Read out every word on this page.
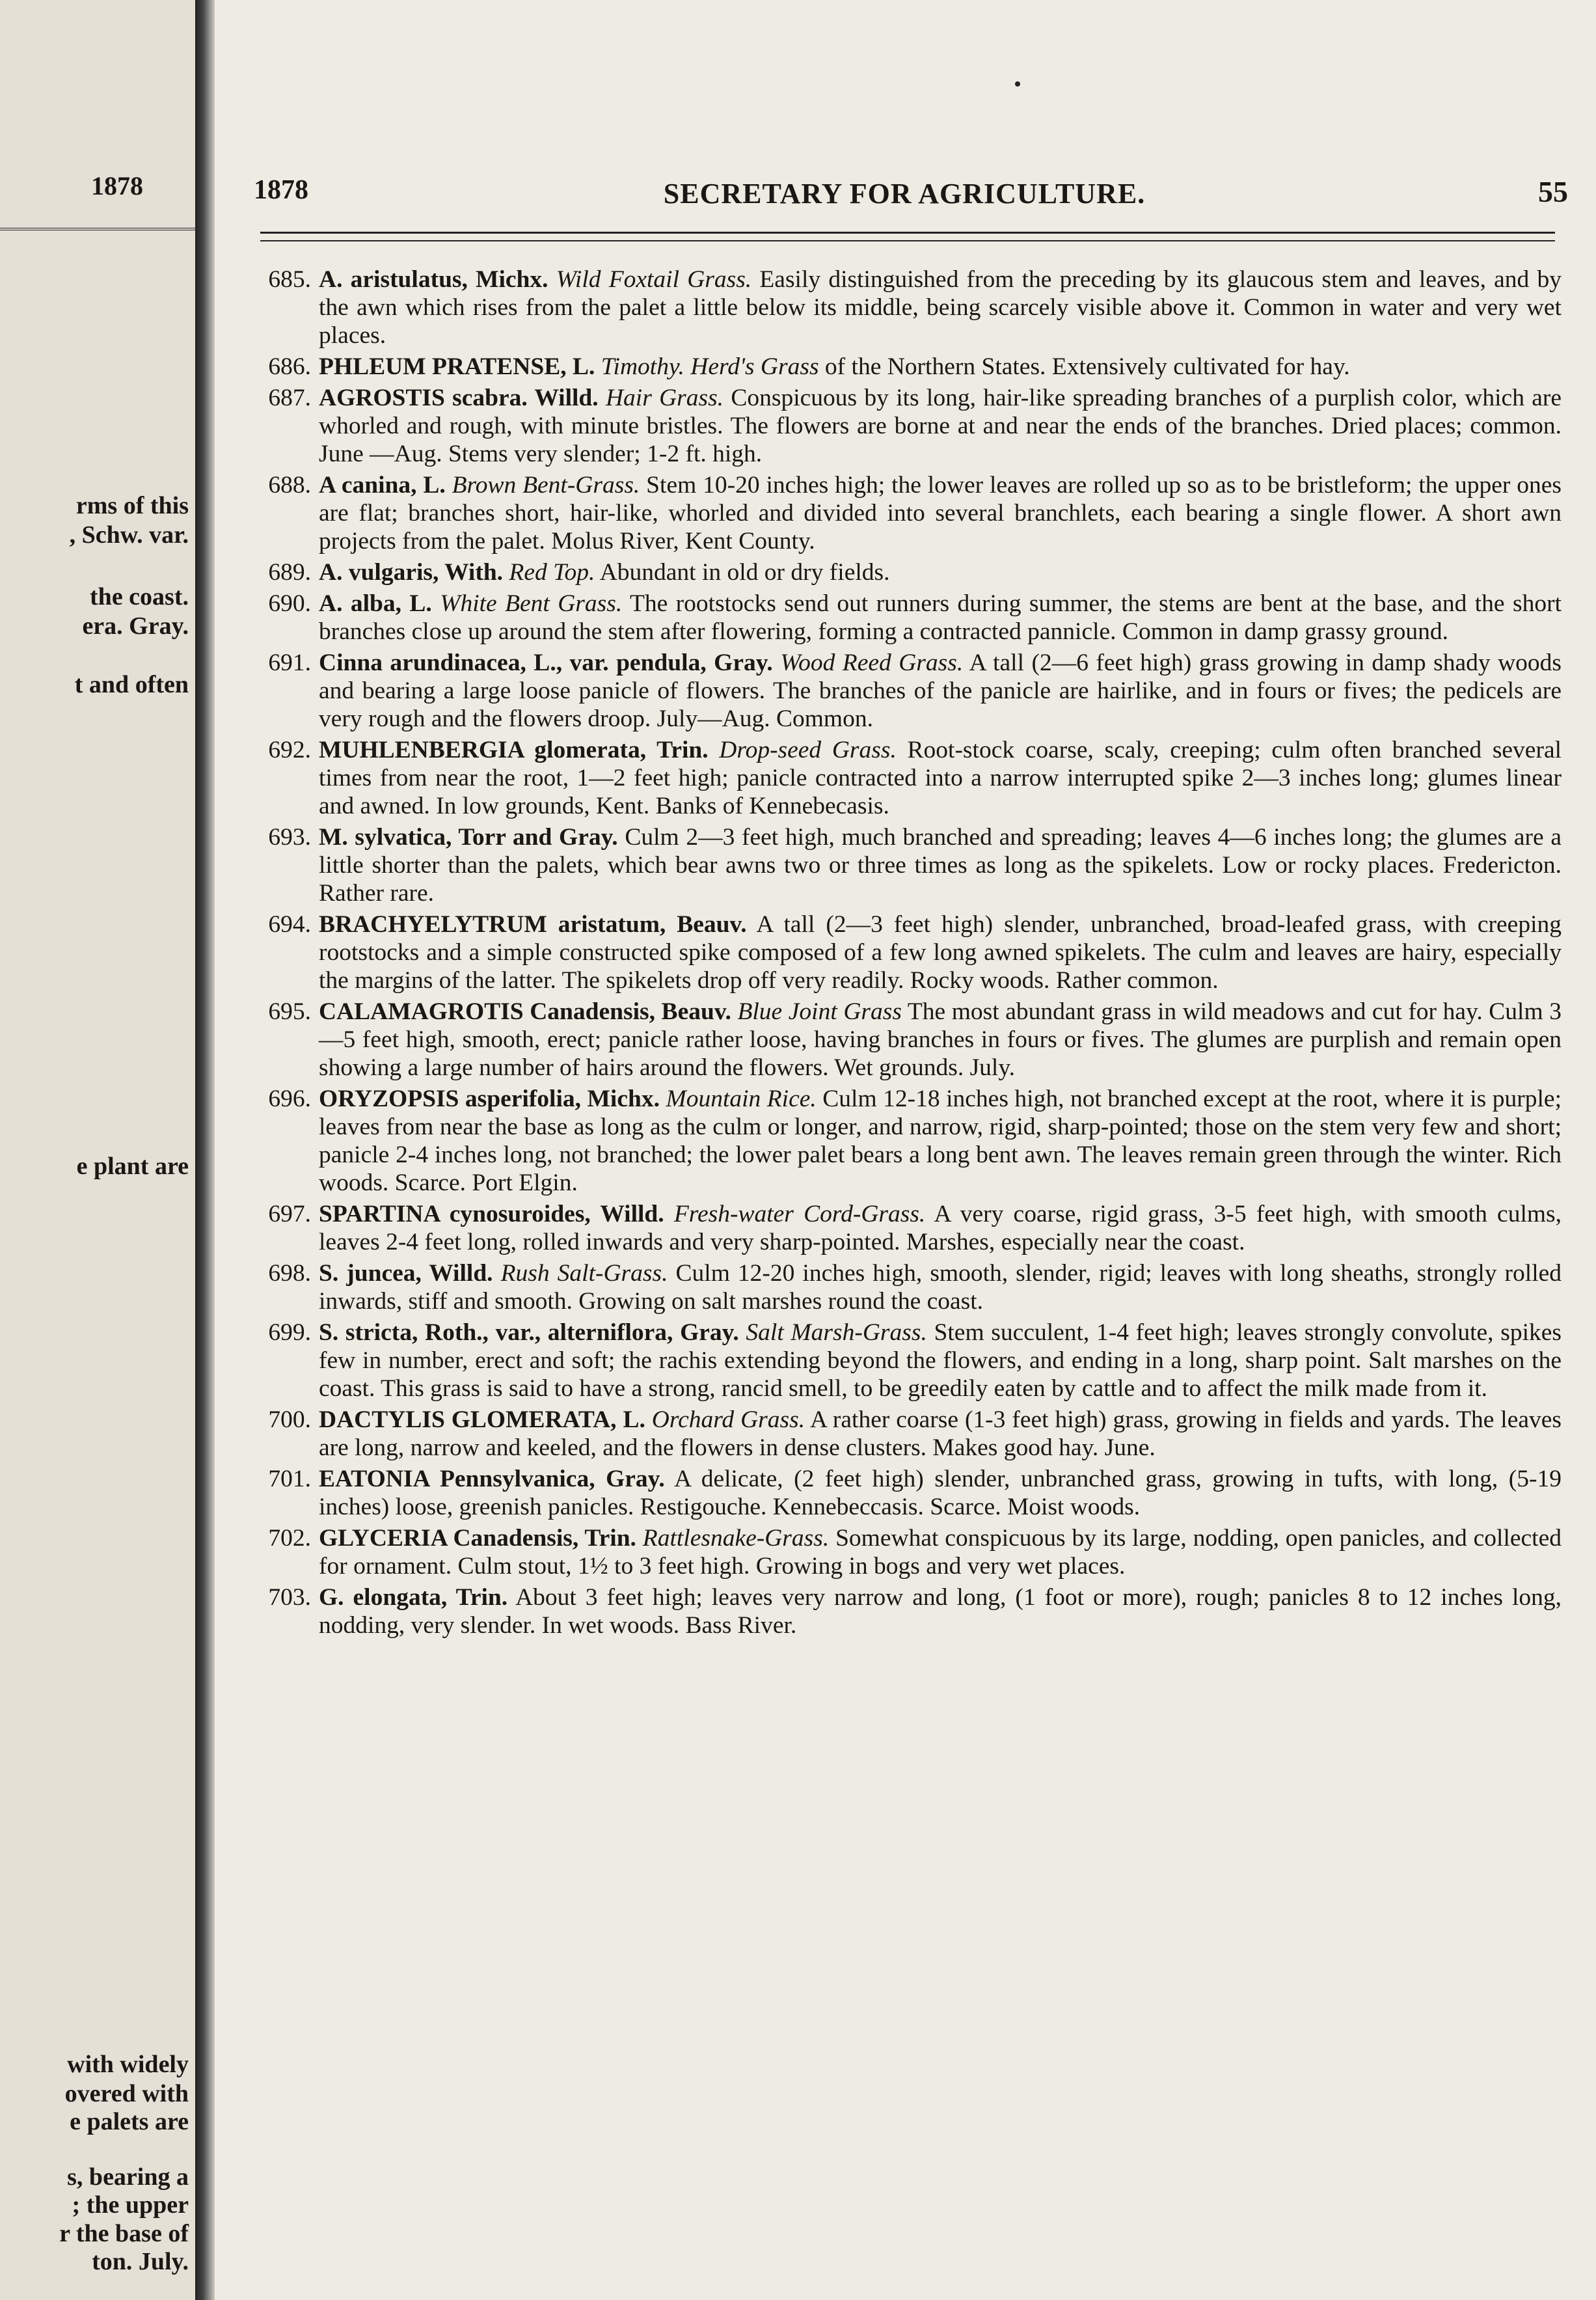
1878
rms of this
, Schw. var.
the coast.
era. Gray.
t and often
e plant are
with widely
overed with
e palets are
s, bearing a
; the upper
r the base of
ton. July.
1878	SECRETARY FOR AGRICULTURE.	55
685. A. aristulatus, Michx. Wild Foxtail Grass. Easily distinguished from the preceding by its glaucous stem and leaves, and by the awn which rises from the palet a little below its middle, being scarcely visible above it. Common in water and very wet places.
686. PHLEUM PRATENSE, L. Timothy. Herd's Grass of the Northern States. Extensively cultivated for hay.
687. AGROSTIS scabra. Willd. Hair Grass. Conspicuous by its long, hair-like spreading branches of a purplish color, which are whorled and rough, with minute bristles. The flowers are borne at and near the ends of the branches. Dried places; common. June —Aug. Stems very slender; 1-2 ft. high.
688. A canina, L. Brown Bent-Grass. Stem 10-20 inches high; the lower leaves are rolled up so as to be bristleform; the upper ones are flat; branches short, hair-like, whorled and divided into several branchlets, each bearing a single flower. A short awn projects from the palet. Molus River, Kent County.
689. A. vulgaris, With. Red Top. Abundant in old or dry fields.
690. A. alba, L. White Bent Grass. The rootstocks send out runners during summer, the stems are bent at the base, and the short branches close up around the stem after flowering, forming a contracted pannicle. Common in damp grassy ground.
691. Cinna arundinacea, L., var. pendula, Gray. Wood Reed Grass. A tall (2—6 feet high) grass growing in damp shady woods and bearing a large loose panicle of flowers. The branches of the panicle are hairlike, and in fours or fives; the pedicels are very rough and the flowers droop. July—Aug. Common.
692. MUHLENBERGIA glomerata, Trin. Drop-seed Grass. Root-stock coarse, scaly, creeping; culm often branched several times from near the root, 1—2 feet high; panicle contracted into a narrow interrupted spike 2—3 inches long; glumes linear and awned. In low grounds, Kent. Banks of Kennebecasis.
693. M. sylvatica, Torr and Gray. Culm 2—3 feet high, much branched and spreading; leaves 4—6 inches long; the glumes are a little shorter than the palets, which bear awns two or three times as long as the spikelets. Low or rocky places. Fredericton. Rather rare.
694. BRACHYELYTRUM aristatum, Beauv. A tall (2—3 feet high) slender, unbranched, broad-leafed grass, with creeping rootstocks and a simple constructed spike composed of a few long awned spikelets. The culm and leaves are hairy, especially the margins of the latter. The spikelets drop off very readily. Rocky woods. Rather common.
695. CALAMAGROTIS Canadensis, Beauv. Blue Joint Grass The most abundant grass in wild meadows and cut for hay. Culm 3—5 feet high, smooth, erect; panicle rather loose, having branches in fours or fives. The glumes are purplish and remain open showing a large number of hairs around the flowers. Wet grounds. July.
696. ORYZOPSIS asperifolia, Michx. Mountain Rice. Culm 12-18 inches high, not branched except at the root, where it is purple; leaves from near the base as long as the culm or longer, and narrow, rigid, sharp-pointed; those on the stem very few and short; panicle 2-4 inches long, not branched; the lower palet bears a long bent awn. The leaves remain green through the winter. Rich woods. Scarce. Port Elgin.
697. SPARTINA cynosuroides, Willd. Fresh-water Cord-Grass. A very coarse, rigid grass, 3-5 feet high, with smooth culms, leaves 2-4 feet long, rolled inwards and very sharp-pointed. Marshes, especially near the coast.
698. S. juncea, Willd. Rush Salt-Grass. Culm 12-20 inches high, smooth, slender, rigid; leaves with long sheaths, strongly rolled inwards, stiff and smooth. Growing on salt marshes round the coast.
699. S. stricta, Roth., var., alterniflora, Gray. Salt Marsh-Grass. Stem succulent, 1-4 feet high; leaves strongly convolute, spikes few in number, erect and soft; the rachis extending beyond the flowers, and ending in a long, sharp point. Salt marshes on the coast. This grass is said to have a strong, rancid smell, to be greedily eaten by cattle and to affect the milk made from it.
700. DACTYLIS GLOMERATA, L. Orchard Grass. A rather coarse (1-3 feet high) grass, growing in fields and yards. The leaves are long, narrow and keeled, and the flowers in dense clusters. Makes good hay. June.
701. EATONIA Pennsylvanica, Gray. A delicate, (2 feet high) slender, unbranched grass, growing in tufts, with long, (5-19 inches) loose, greenish panicles. Restigouche. Kennebeccasis. Scarce. Moist woods.
702. GLYCERIA Canadensis, Trin. Rattlesnake-Grass. Somewhat conspicuous by its large, nodding, open panicles, and collected for ornament. Culm stout, 1½ to 3 feet high. Growing in bogs and very wet places.
703. G. elongata, Trin. About 3 feet high; leaves very narrow and long, (1 foot or more), rough; panicles 8 to 12 inches long, nodding, very slender. In wet woods. Bass River.
